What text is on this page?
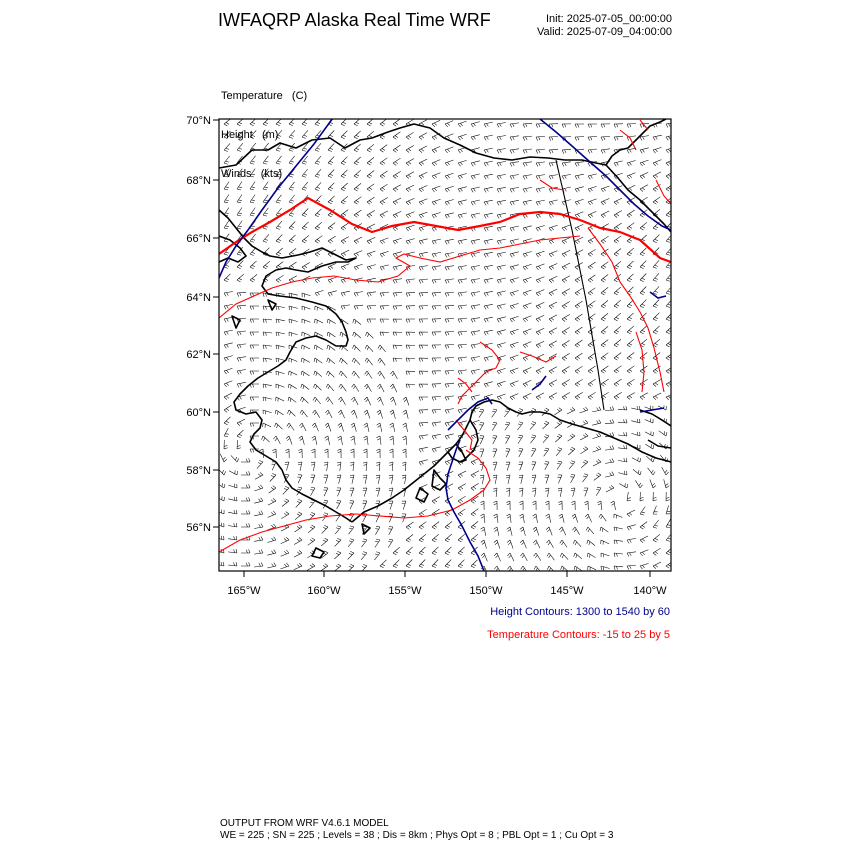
IWFAQRP Alaska Real Time WRF	Init: 2025-07-05_00:00:00
Valid: 2025-07-09_04:00:00

Temperature   (C)

Height   (m)

Winds   (kts)

70°N
68°N
66°N
64°N
62°N
60°N
58°N
56°N
165°W	160°W	155°W	150°W	145°W	140°W
Height Contours: 1300 to 1540 by 60
Temperature Contours: -15 to 25 by 5
OUTPUT FROM WRF V4.6.1 MODEL
WE = 225 ; SN = 225 ; Levels = 38 ; Dis = 8km ; Phys Opt = 8 ; PBL Opt = 1 ; Cu Opt = 3
